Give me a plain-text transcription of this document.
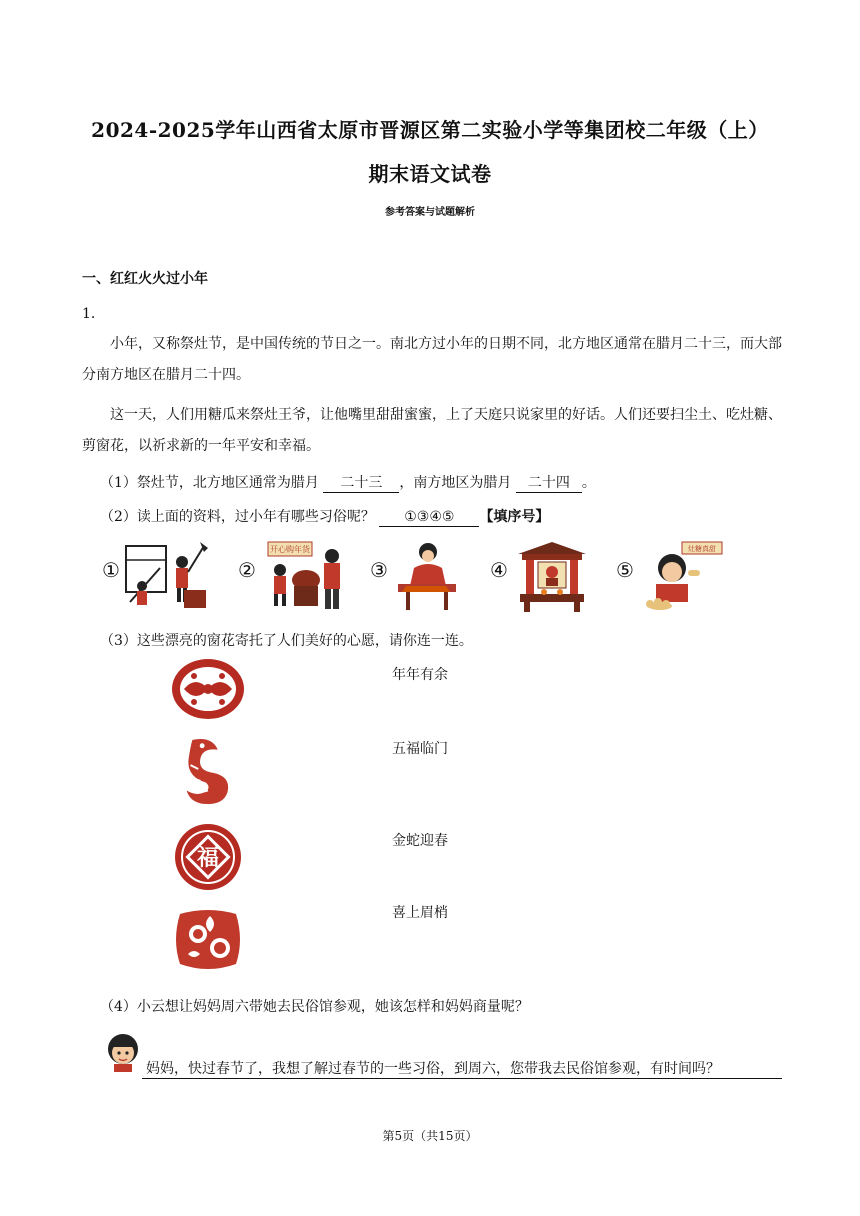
2024-2025学年山西省太原市晋源区第二实验小学等集团校二年级（上）
期末语文试卷
参考答案与试题解析
一、红红火火过小年
1．
小年，又称祭灶节，是中国传统的节日之一。南北方过小年的日期不同，北方地区通常在腊月二十三，而大部分南方地区在腊月二十四。
这一天，人们用糖瓜来祭灶王爷，让他嘴里甜甜蜜蜜，上了天庭只说家里的好话。人们还要扫尘土、吃灶糖、剪窗花，以祈求新的一年平安和幸福。
（1）祭灶节，北方地区通常为腊月 二十三 ，南方地区为腊月 二十四 。
（2）读上面的资料，过小年有哪些习俗呢？ ①③④⑤ 【填序号】
①	②
开心购年货
③	④	⑤
灶糖真甜
（3）这些漂亮的窗花寄托了人们美好的心愿，请你连一连。
年年有余
五福临门
福
金蛇迎春
喜上眉梢
（4）小云想让妈妈周六带她去民俗馆参观，她该怎样和妈妈商量呢？
妈妈，快过春节了，我想了解过春节的一些习俗，到周六，您带我去民俗馆参观，有时间吗？
第5页（共15页）
